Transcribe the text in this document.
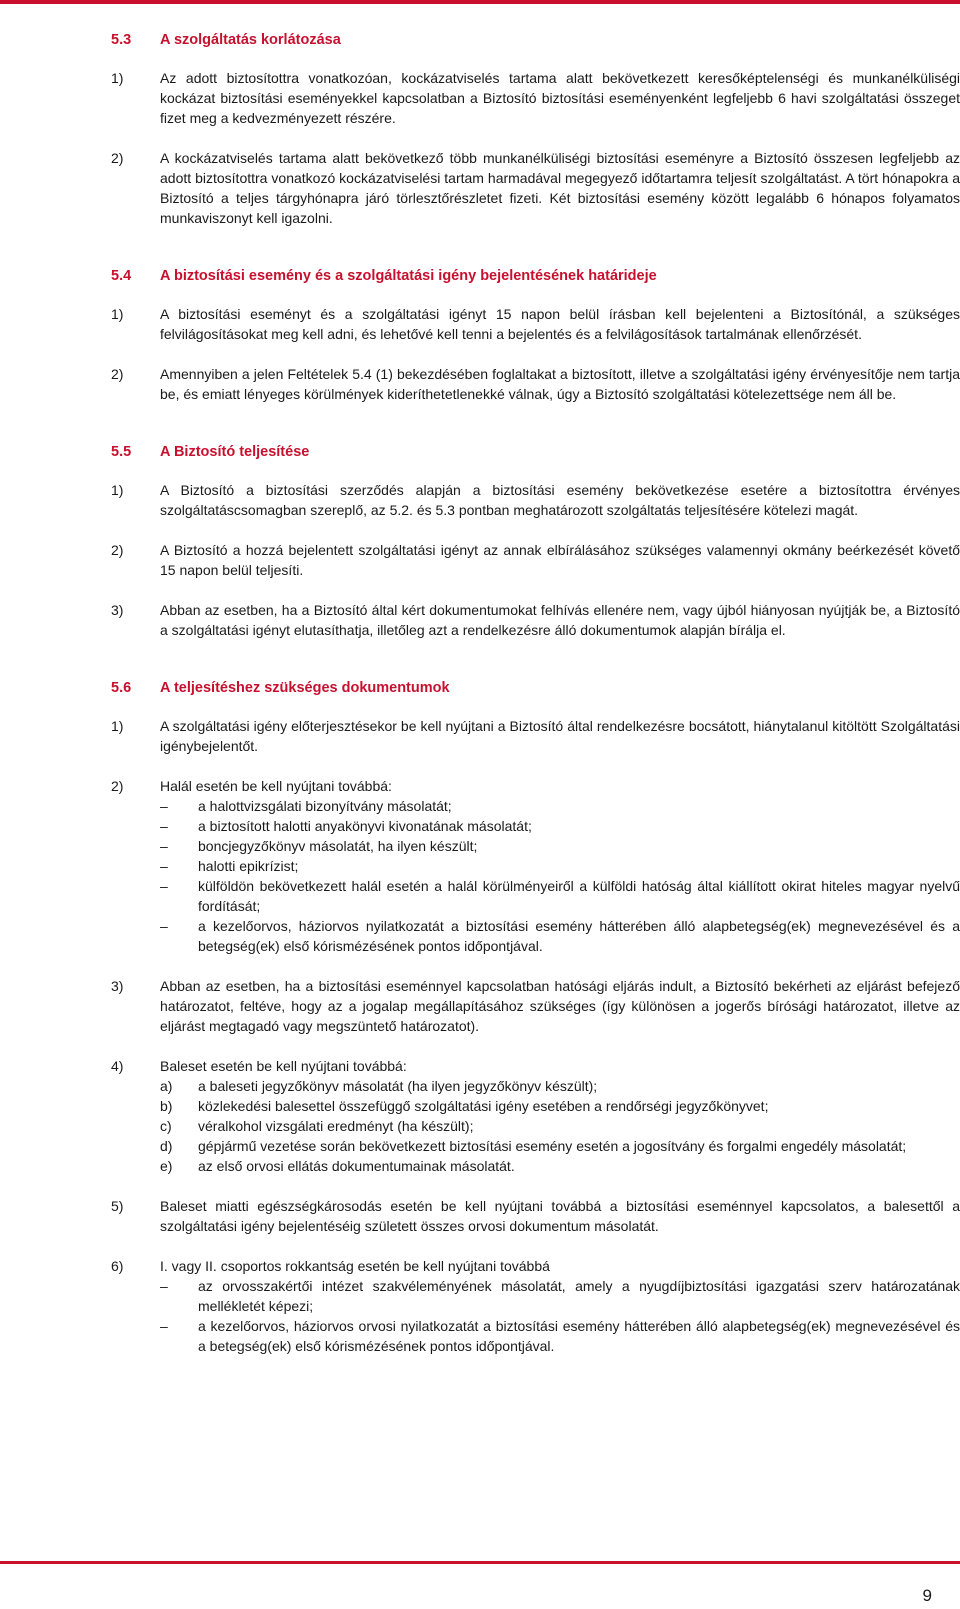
5.3	A szolgáltatás korlátozása
1)	Az adott biztosítottra vonatkozóan, kockázatviselés tartama alatt bekövetkezett keresőképtelenségi és munkanélküliségi kockázat biztosítási eseményekkel kapcsolatban a Biztosító biztosítási eseményenként legfeljebb 6 havi szolgáltatási összeget fizet meg a kedvezményezett részére.
2)	A kockázatviselés tartama alatt bekövetkező több munkanélküliségi biztosítási eseményre a Biztosító összesen legfeljebb az adott biztosítottra vonatkozó kockázatviselési tartam harmadával megegyező időtartamra teljesít szolgáltatást. A tört hónapokra a Biztosító a teljes tárgyhónapra járó törlesztőrészletet fizeti. Két biztosítási esemény között legalább 6 hónapos folyamatos munkaviszonyt kell igazolni.
5.4	A biztosítási esemény és a szolgáltatási igény bejelentésének határideje
1)	A biztosítási eseményt és a szolgáltatási igényt 15 napon belül írásban kell bejelenteni a Biztosítónál, a szükséges felvilágosításokat meg kell adni, és lehetővé kell tenni a bejelentés és a felvilágosítások tartalmának ellenőrzését.
2)	Amennyiben a jelen Feltételek 5.4 (1) bekezdésében foglaltakat a biztosított, illetve a szolgáltatási igény érvényesítője nem tartja be, és emiatt lényeges körülmények kideríthetetlenekké válnak, úgy a Biztosító szolgáltatási kötelezettsége nem áll be.
5.5	A Biztosító teljesítése
1)	A Biztosító a biztosítási szerződés alapján a biztosítási esemény bekövetkezése esetére a biztosítottra érvényes szolgáltatáscsomagban szereplő, az 5.2. és 5.3 pontban meghatározott szolgáltatás teljesítésére kötelezi magát.
2)	A Biztosító a hozzá bejelentett szolgáltatási igényt az annak elbírálásához szükséges valamennyi okmány beérkezését követő 15 napon belül teljesíti.
3)	Abban az esetben, ha a Biztosító által kért dokumentumokat felhívás ellenére nem, vagy újból hiányosan nyújtják be, a Biztosító a szolgáltatási igényt elutasíthatja, illetőleg azt a rendelkezésre álló dokumentumok alapján bírálja el.
5.6	A teljesítéshez szükséges dokumentumok
1)	A szolgáltatási igény előterjesztésekor be kell nyújtani a Biztosító által rendelkezésre bocsátott, hiánytalanul kitöltött Szolgáltatási igénybejelentőt.
2)	Halál esetén be kell nyújtani továbbá:
–	a halottvizsgálati bizonyítvány másolatát;
–	a biztosított halotti anyakönyvi kivonatának másolatát;
–	boncjegyzőkönyv másolatát, ha ilyen készült;
–	halotti epikrízist;
–	külföldön bekövetkezett halál esetén a halál körülményeiről a külföldi hatóság által kiállított okirat hiteles magyar nyelvű fordítását;
–	a kezelőorvos, háziorvos nyilatkozatát a biztosítási esemény hátterében álló alapbetegség(ek) megnevezésével és a betegség(ek) első kórismézésének pontos időpontjával.
3)	Abban az esetben, ha a biztosítási eseménnyel kapcsolatban hatósági eljárás indult, a Biztosító bekérheti az eljárást befejező határozatot, feltéve, hogy az a jogalap megállapításához szükséges (így különösen a jogerős bírósági határozatot, illetve az eljárást megtagadó vagy megszüntető határozatot).
4)	Baleset esetén be kell nyújtani továbbá:
a)	a baleseti jegyzőkönyv másolatát (ha ilyen jegyzőkönyv készült);
b)	közlekedési balesettel összefüggő szolgáltatási igény esetében a rendőrségi jegyzőkönyvet;
c)	véralkohol vizsgálati eredményt (ha készült);
d)	gépjármű vezetése során bekövetkezett biztosítási esemény esetén a jogosítvány és forgalmi engedély másolatát;
e)	az első orvosi ellátás dokumentumainak másolatát.
5)	Baleset miatti egészségkárosodás esetén be kell nyújtani továbbá a biztosítási eseménnyel kapcsolatos, a balesettől a szolgáltatási igény bejelentéséig született összes orvosi dokumentum másolatát.
6)	I. vagy II. csoportos rokkantság esetén be kell nyújtani továbbá
–	az orvosszakértői intézet szakvéleményének másolatát, amely a nyugdíjbiztosítási igazgatási szerv határozatának mellékletét képezi;
–	a kezelőorvos, háziorvos orvosi nyilatkozatát a biztosítási esemény hátterében álló alapbetegség(ek) megnevezésével és a betegség(ek) első kórismézésének pontos időpontjával.
9
